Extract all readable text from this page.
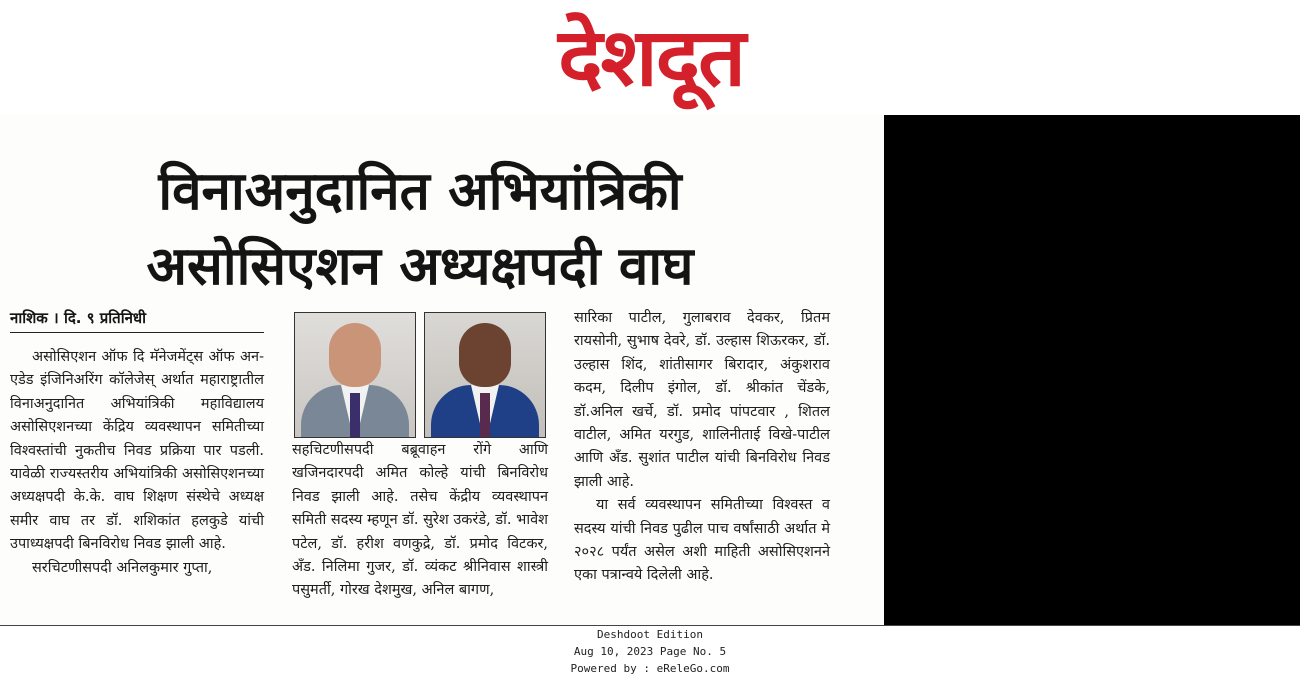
देशदूत
विनाअनुदानित अभियांत्रिकी
असोसिएशन अध्यक्षपदी वाघ
नाशिक । दि. ९ प्रतिनिधी

असोसिएशन ऑफ दि मॅनेजमेंट्स ऑफ अन-एडेड इंजिनिअरिंग कॉलेजेस् अर्थात महाराष्ट्रातील विनाअनुदानित अभियांत्रिकी महाविद्यालय असोसिएशनच्या केंद्रिय व्यवस्थापन समितीच्या विश्वस्तांची नुकतीच निवड प्रक्रिया पार पडली. यावेळी राज्यस्तरीय अभियांत्रिकी असोसिएशनच्या अध्यक्षपदी के.के. वाघ शिक्षण संस्थेचे अध्यक्ष समीर वाघ तर डॉ. शशिकांत हलकुडे यांची उपाध्यक्षपदी बिनविरोध निवड झाली आहे.

सरचिटणीसपदी अनिलकुमार गुप्ता,

सहचिटणीसपदी बब्रूवाहन रोंगे आणि खजिनदारपदी अमित कोल्हे यांची बिनविरोध निवड झाली आहे. तसेच केंद्रीय व्यवस्थापन समिती सदस्य म्हणून डॉ. सुरेश उकरंडे, डॉ. भावेश पटेल, डॉ. हरीश वणकुद्रे, डॉ. प्रमोद विटकर, अँड. निलिमा गुजर, डॉ. व्यंकट श्रीनिवास शास्त्री पसुमर्ती, गोरख देशमुख, अनिल बागण,

सारिका पाटील, गुलाबराव देवकर, प्रितम रायसोनी, सुभाष देवरे, डॉ. उल्हास शिऊरकर, डॉ. उल्हास शिंद, शांतीसागर बिरादार, अंकुशराव कदम, दिलीप इंगोल, डॉ. श्रीकांत चेंडके, डॉ.अनिल खर्चे, डॉ. प्रमोद पांपटवार , शितल वाटील, अमित यरगुड, शालिनीताई विखे-पाटील आणि अँड. सुशांत पाटील यांची बिनविरोध निवड झाली आहे.

या सर्व व्यवस्थापन समितीच्या विश्वस्त व सदस्य यांची निवड पुढील पाच वर्षांसाठी अर्थात मे २०२८ पर्यंत असेल अशी माहिती असोसिएशनने एका पत्रान्वये दिलेली आहे.

Deshdoot Edition
Aug 10, 2023 Page No. 5
Powered by : eReleGo.com
